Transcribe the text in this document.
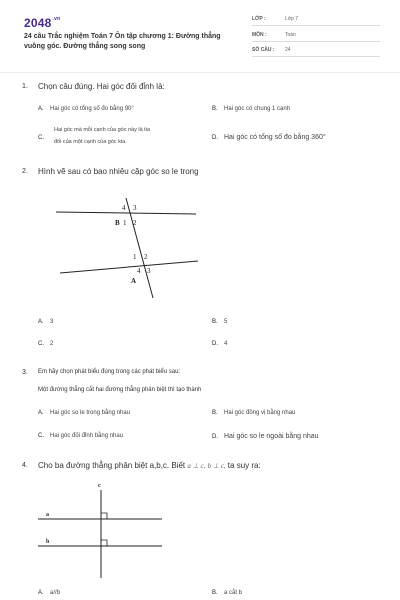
$2048^{.vn}$
24 câu Trắc nghiệm Toán 7 Ôn tập chương 1: Đường thẳng vuông góc. Đường thẳng song song
LỚP :	Lớp 7
MÔN :	Toán
SỐ CÂU : 24
1. Chọn câu đúng. Hai góc đối đỉnh là:
A. Hai góc có tổng số đo bằng 90°	B. Hai góc có chung 1 cạnh
C.
Hai góc mà mỗi cạnh của góc này là tia
đối của một cạnh của góc kia.
D. Hai góc có tổng số đo bằng 360°
2. Hình vẽ sau có bao nhiêu cặp góc so le trong
4 3
B 1 2
1 2
4 3
A
A. 3	B. 5
C. 2	D. 4
3. Em hãy chọn phát biểu đúng trong các phát biểu sau:
Một đường thẳng cắt hai đường thẳng phân biệt thì tạo thành
A. Hai góc so le trong bằng nhau	B. Hai góc đồng vị bằng nhau
C. Hai góc đối đỉnh bằng nhau	D. Hai góc so le ngoài bằng nhau
4. Cho ba đường thẳng phân biệt a,b,c. Biết a ⊥ c, b ⊥ c, ta suy ra:
c
a
b
A. a//b	B. a cắt b
